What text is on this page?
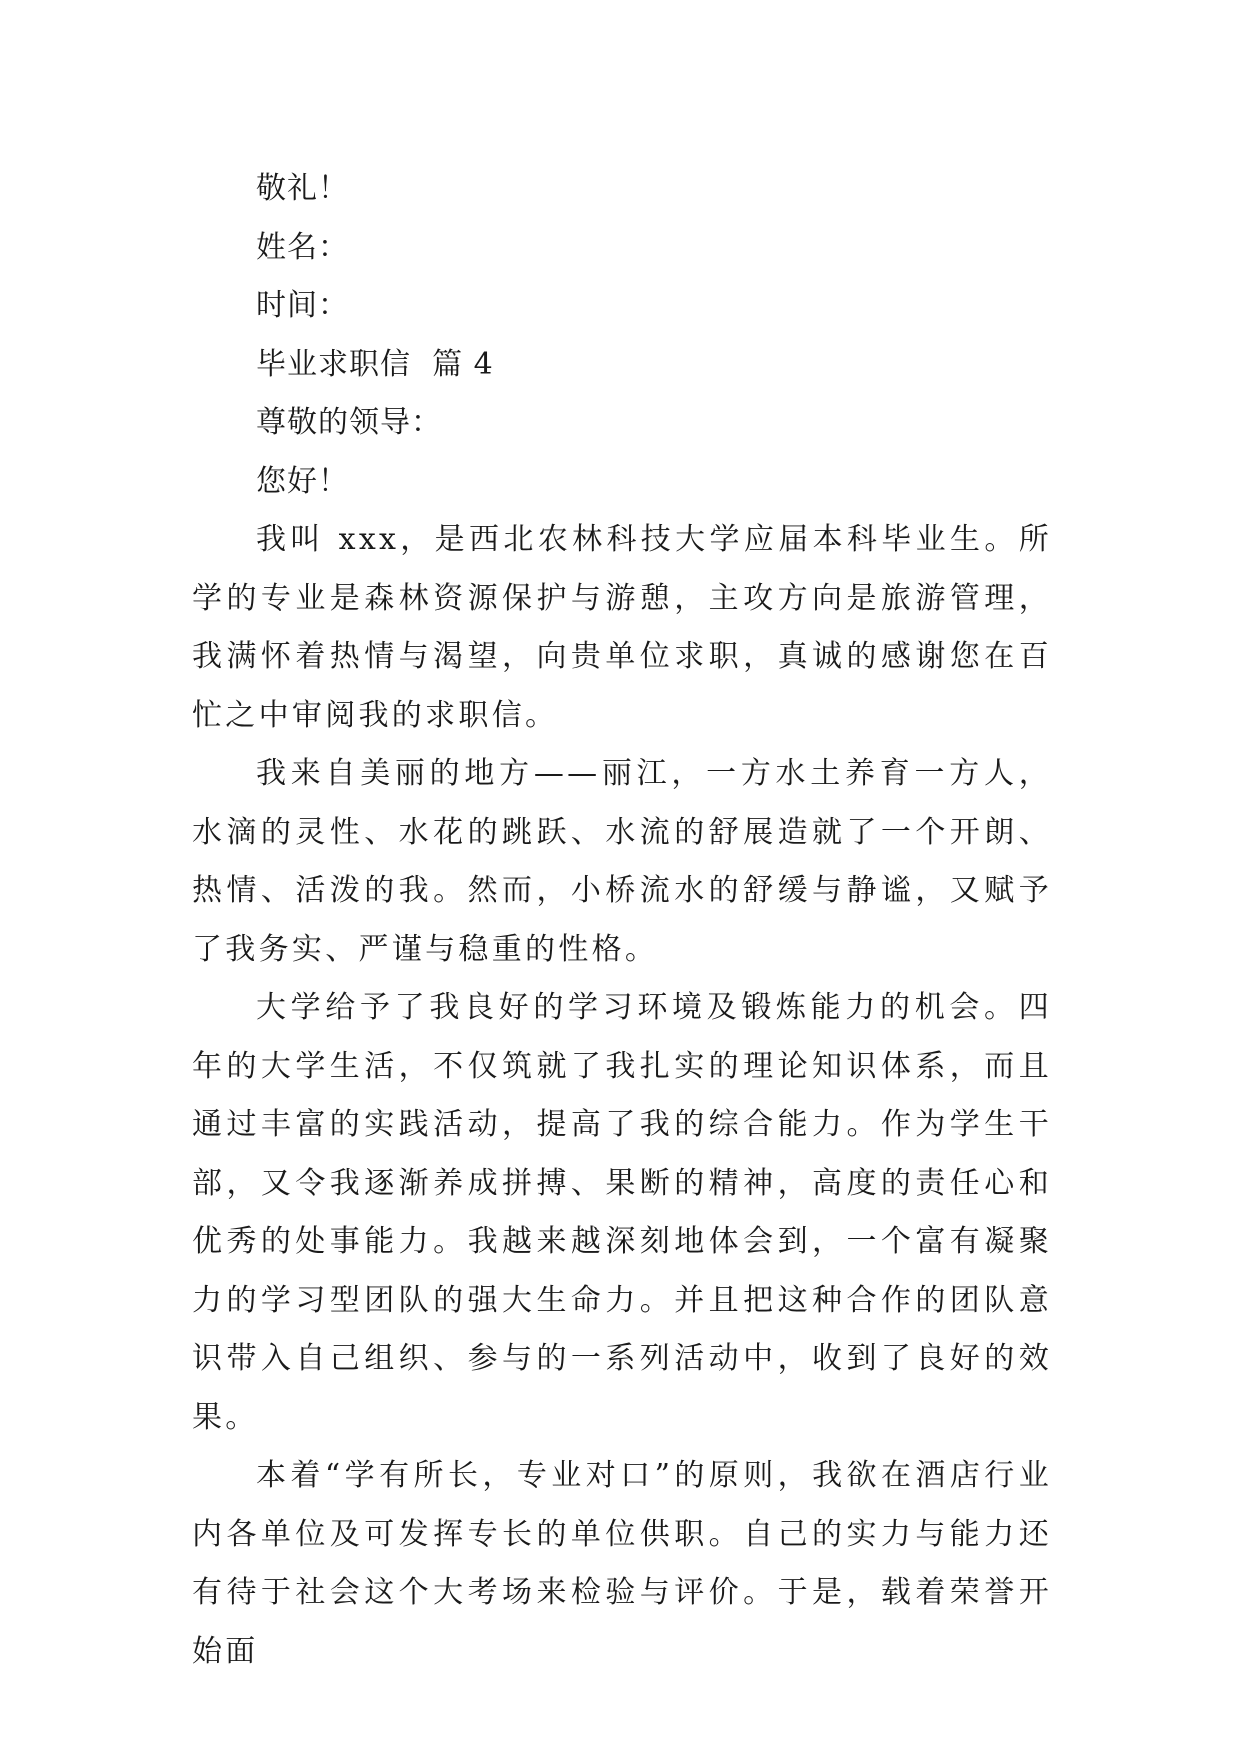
敬礼！

姓名：

时间：

毕业求职信  篇 4

尊敬的领导：

您好！

我叫 xxx，是西北农林科技大学应届本科毕业生。所学的专业是森林资源保护与游憩，主攻方向是旅游管理，我满怀着热情与渴望，向贵单位求职，真诚的感谢您在百忙之中审阅我的求职信。

我来自美丽的地方——丽江，一方水土养育一方人，水滴的灵性、水花的跳跃、水流的舒展造就了一个开朗、热情、活泼的我。然而，小桥流水的舒缓与静谧，又赋予了我务实、严谨与稳重的性格。

大学给予了我良好的学习环境及锻炼能力的机会。四年的大学生活，不仅筑就了我扎实的理论知识体系，而且通过丰富的实践活动，提高了我的综合能力。作为学生干部，又令我逐渐养成拼搏、果断的精神，高度的责任心和优秀的处事能力。我越来越深刻地体会到，一个富有凝聚力的学习型团队的强大生命力。并且把这种合作的团队意识带入自己组织、参与的一系列活动中，收到了良好的效果。

本着“学有所长，专业对口”的原则，我欲在酒店行业内各单位及可发挥专长的单位供职。自己的实力与能力还有待于社会这个大考场来检验与评价。于是，载着荣誉开始面
